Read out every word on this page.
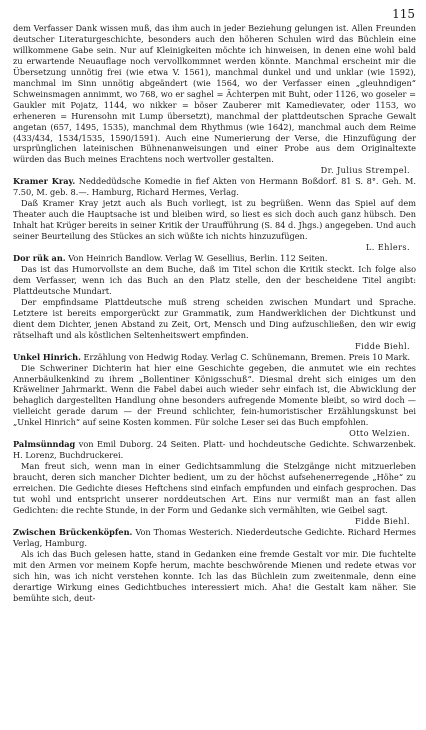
115

dem Verfasser Dank wissen muß, das ihm auch in jeder Beziehung gelungen ist. Allen Freunden deutscher Literaturgeschichte, besonders auch den höheren Schulen wird das Büchlein eine willkommene Gabe sein. Nur auf Kleinigkeiten möchte ich hinweisen, in denen eine wohl bald zu erwartende Neuauflage noch vervollkommnet werden könnte. Manchmal erscheint mir die Übersetzung unnötig frei (wie etwa V. 1561), manchmal dunkel und und unklar (wie 1592), manchmal im Sinn unnötig abgeändert (wie 1564, wo der Verfasser einen „gleuhndigen“ Schweinsmagen annimmt, wo 768, wo er saghel = Ächterpen mit Buht, oder 1126, wo goseler = Gaukler mit Pojatz, 1144, wo nikker = böser Zauberer mit Kamedievater, oder 1153, wo erheneren = Hurensohn mit Lump übersetzt), manchmal der plattdeutschen Sprache Gewalt angetan (657, 1495, 1535), manchmal dem Rhythmus (wie 1642), manchmal auch dem Reime (433/434, 1534/1535, 1590/1591). Auch eine Numerierung der Verse, die Hinzufügung der ursprünglichen lateinischen Bühnenanweisungen und einer Probe aus dem Originaltexte würden das Buch meines Erachtens noch wertvoller gestalten.

Dr. Julius Strempel.

Kramer Kray. Neddedüdsche Komedie in fief Akten von Hermann Boßdorf. 81 S. 8°. Geh. M. 7.50, M. geb. 8.—. Hamburg, Richard Hermes, Verlag.

Daß Kramer Kray jetzt auch als Buch vorliegt, ist zu begrüßen. Wenn das Spiel auf dem Theater auch die Hauptsache ist und bleiben wird, so liest es sich doch auch ganz hübsch. Den Inhalt hat Krüger bereits in seiner Kritik der Uraufführung (S. 84 d. Jhgs.) angegeben. Und auch seiner Beurteilung des Stückes an sich wüßte ich nichts hinzuzufügen.

L. Ehlers.

Dor rük an. Von Heinrich Bandlow. Verlag W. Gesellius, Berlin. 112 Seiten.

Das ist das Humorvollste an dem Buche, daß im Titel schon die Kritik steckt. Ich folge also dem Verfasser, wenn ich das Buch an den Platz stelle, den der bescheidene Titel angibt: Plattdeutsche Mundart.

Der empfindsame Plattdeutsche muß streng scheiden zwischen Mundart und Sprache. Letztere ist bereits emporgerückt zur Grammatik, zum Handwerklichen der Dichtkunst und dient dem Dichter, jenen Abstand zu Zeit, Ort, Mensch und Ding aufzuschließen, den wir ewig rätselhaft und als köstlichen Seltenheitswert empfinden.

Fidde Biehl.

Unkel Hinrich. Erzählung von Hedwig Roday. Verlag C. Schünemann, Bremen. Preis 10 Mark.

Die Schweriner Dichterin hat hier eine Geschichte gegeben, die anmutet wie ein rechtes Annerbäulkenkind zu ihrem „Bollentiner Königsschuß“. Diesmal dreht sich einiges um den Kräweliner Jahrmarkt. Wenn die Fabel dabei auch wieder sehr einfach ist, die Abwicklung der behaglich dargestellten Handlung ohne besonders aufregende Momente bleibt, so wird doch — vielleicht gerade darum — der Freund schlichter, fein-humoristischer Erzählungskunst bei „Unkel Hinrich“ auf seine Kosten kommen. Für solche Leser sei das Buch empfohlen.

Otto Welzien.

Palmsünndag von Emil Duborg. 24 Seiten. Platt- und hochdeutsche Gedichte. Schwarzenbek. H. Lorenz, Buchdruckerei.

Man freut sich, wenn man in einer Gedichtsammlung die Stelzgänge nicht mitzuerleben braucht, deren sich mancher Dichter bedient, um zu der höchst aufsehenerregende „Höhe“ zu erreichen. Die Gedichte dieses Heftchens sind einfach empfunden und einfach gesprochen. Das tut wohl und entspricht unserer norddeutschen Art. Eins nur vermißt man an fast allen Gedichten: die rechte Stunde, in der Form und Gedanke sich vermählten, wie Geibel sagt.

Fidde Biehl.

Zwischen Brückenköpfen. Von Thomas Westerich. Niederdeutsche Gedichte. Richard Hermes Verlag, Hamburg.

Als ich das Buch gelesen hatte, stand in Gedanken eine fremde Gestalt vor mir. Die fuchtelte mit den Armen vor meinem Kopfe herum, machte beschwörende Mienen und redete etwas vor sich hin, was ich nicht verstehen konnte. Ich las das Büchlein zum zweitenmale, denn eine derartige Wirkung eines Gedichtbuches interessiert mich. Aha! die Gestalt kam näher. Sie bemühte sich, deut-
